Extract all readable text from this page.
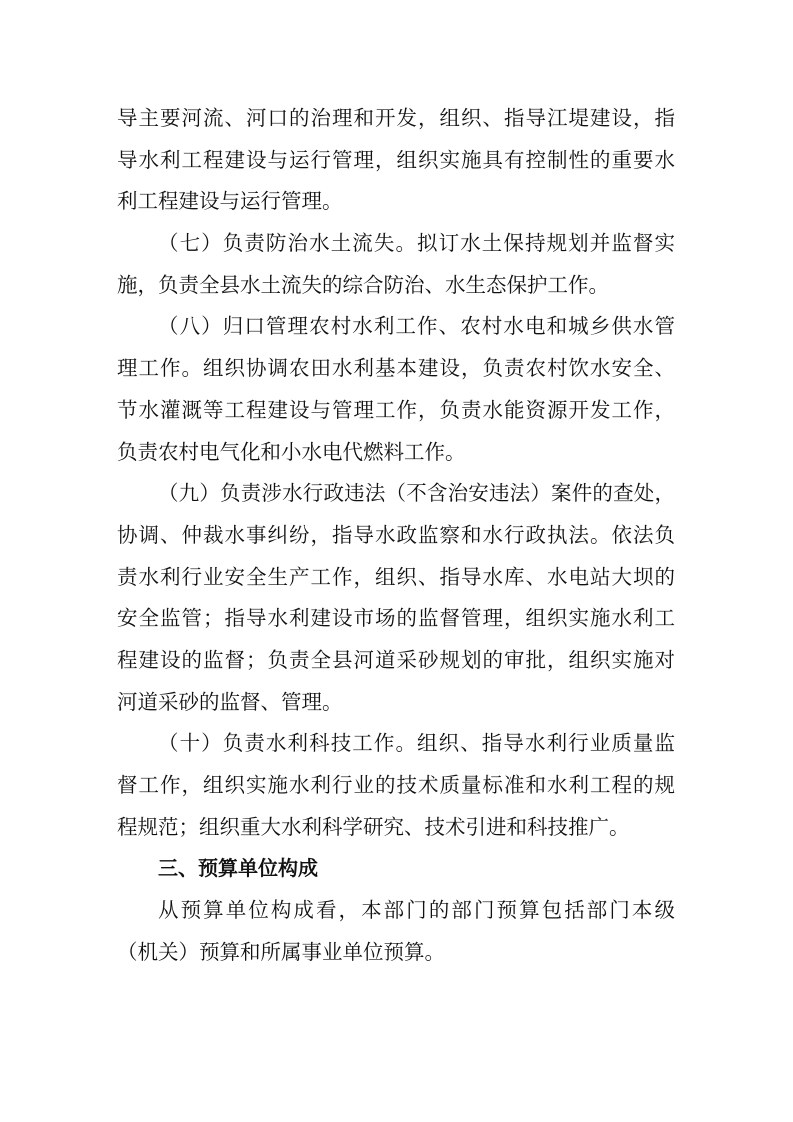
导主要河流、河口的治理和开发，组织、指导江堤建设，指
导水利工程建设与运行管理，组织实施具有控制性的重要水
利工程建设与运行管理。
（七）负责防治水土流失。拟订水土保持规划并监督实
施，负责全县水土流失的综合防治、水生态保护工作。
（八）归口管理农村水利工作、农村水电和城乡供水管
理工作。组织协调农田水利基本建设，负责农村饮水安全、
节水灌溉等工程建设与管理工作，负责水能资源开发工作，
负责农村电气化和小水电代燃料工作。
（九）负责涉水行政违法（不含治安违法）案件的查处，
协调、仲裁水事纠纷，指导水政监察和水行政执法。依法负
责水利行业安全生产工作，组织、指导水库、水电站大坝的
安全监管；指导水利建设市场的监督管理，组织实施水利工
程建设的监督；负责全县河道采砂规划的审批，组织实施对
河道采砂的监督、管理。
（十）负责水利科技工作。组织、指导水利行业质量监
督工作，组织实施水利行业的技术质量标准和水利工程的规
程规范；组织重大水利科学研究、技术引进和科技推广。
三、预算单位构成
从预算单位构成看，本部门的部门预算包括部门本级
（机关）预算和所属事业单位预算。
